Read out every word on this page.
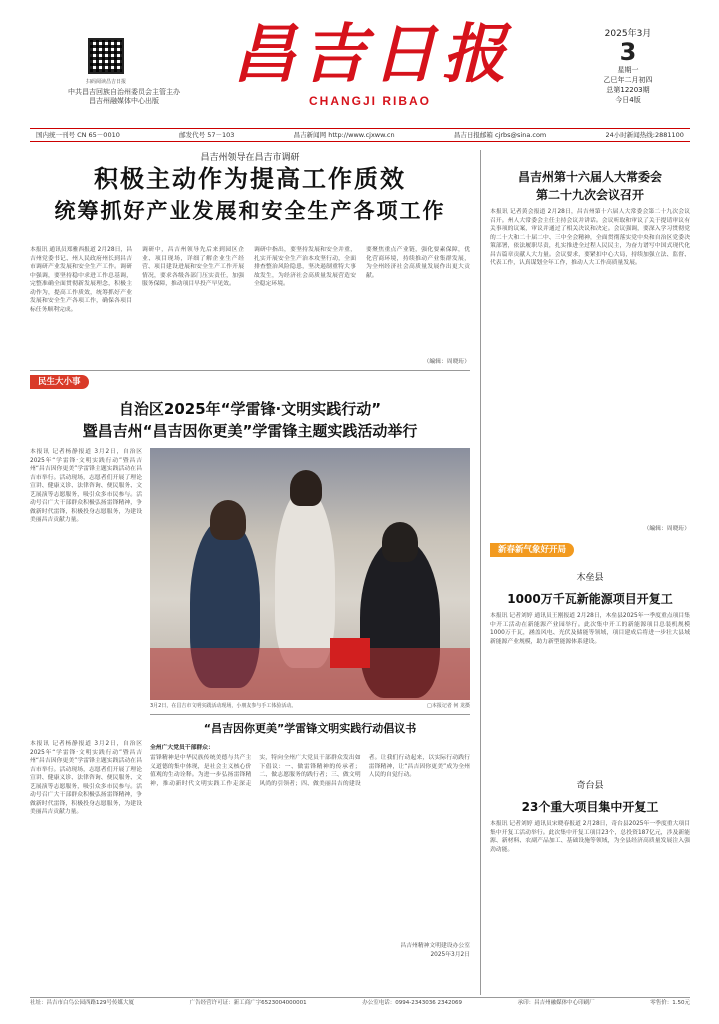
扫码阅读昌吉日报
中共昌吉回族自治州委员会主管主办
昌吉州融媒体中心出版
昌吉日报
CHANGJI RIBAO
2025年3月
3
星期一
乙巳年二月初四
总第12203期
今日4版
国内统一刊号 CN 65－0010	邮发代号 57－103	昌吉新闻网 http://www.cjxww.cn	昌吉日报邮箱 cjrbs@sina.com	24小时新闻热线:2881100
昌吉州领导在昌吉市调研
积极主动作为提高工作质效
统筹抓好产业发展和安全生产各项工作
本报讯 通讯员郑雅西报道 2月28日，昌吉州党委书记、州人民政府州长到昌吉市调研产业发展和安全生产工作。调研中强调，要坚持稳中求进工作总基调，完整准确全面贯彻新发展理念，积极主动作为，提高工作质效，统筹抓好产业发展和安全生产各项工作，确保各项目标任务顺利完成。
调研中，昌吉州领导先后来到园区企业、项目现场，详细了解企业生产经营、项目建设进展和安全生产工作开展情况，要求各级各部门压实责任，加强服务保障，推动项目早投产早见效。
调研中指出，要坚持发展和安全并重，扎实开展安全生产治本攻坚行动，全面排查整治风险隐患，坚决遏制重特大事故发生，为经济社会高质量发展营造安全稳定环境。
要聚焦重点产业链，强化要素保障，优化营商环境，持续推动产业集群发展，为全州经济社会高质量发展作出更大贡献。
（編辑：周晓珩）
昌吉州第十六届人大常委会
第二十九次会议召开
本报讯 记者黄会报道 2月28日，昌吉州第十六届人大常委会第二十九次会议召开。州人大常委会主任主持会议并讲话。会议听取和审议了关于提请审议有关事项的议案，审议并通过了相关决议和决定。会议强调，要深入学习贯彻党的二十大和二十届二中、三中全会精神，全面贯彻落实党中央和自治区党委决策部署，依法履职尽责，扎实推进全过程人民民主，为奋力谱写中国式现代化昌吉篇章贡献人大力量。会议要求，要紧扣中心大局，持续加强立法、监督、代表工作，认真谋划全年工作，推动人大工作高质量发展。
（編辑：周晓珩）
民生大小事
自治区2025年“学雷锋·文明实践行动”
暨昌吉州“昌吉因你更美”学雷锋主题实践活动举行
本报讯 记者杨静报道 3月2日，自治区2025年“学雷锋·文明实践行动”暨昌吉州“昌吉因你更美”学雷锋主题实践活动在昌吉市举行。活动现场，志愿者们开展了理论宣讲、健康义诊、法律咨询、便民服务、文艺展演等志愿服务，吸引众多市民参与。活动号召广大干部群众积极弘扬雷锋精神，争做新时代雷锋，积极投身志愿服务，为建设美丽昌吉贡献力量。
3月2日，在昌吉市文明实践活动现场，小朋友参与手工体验活动。	□本报记者 何 龙摄
“昌吉因你更美”学雷锋文明实践行动倡议书
全州广大党员干部群众：
雷锋精神是中华民族传统美德与共产主义道德的集中体现，是社会主义核心价值观的生动诠释。为进一步弘扬雷锋精神，推动新时代文明实践工作走深走实，特向全州广大党员干部群众发出如下倡议：一、做雷锋精神的传承者；二、做志愿服务的践行者；三、做文明风尚的引领者；四、做美丽昌吉的建设者。让我们行动起来，以实际行动践行雷锋精神，让“昌吉因你更美”成为全州人民的自觉行动。
昌吉州精神文明建设办公室
2025年3月2日
本报讯 记者杨静报道 3月2日，自治区2025年“学雷锋·文明实践行动”暨昌吉州“昌吉因你更美”学雷锋主题实践活动在昌吉市举行。活动现场，志愿者们开展了理论宣讲、健康义诊、法律咨询、便民服务、文艺展演等志愿服务，吸引众多市民参与。活动号召广大干部群众积极弘扬雷锋精神，争做新时代雷锋，积极投身志愿服务，为建设美丽昌吉贡献力量。
新春新气象好开局
木垒县
1000万千瓦新能源项目开复工
本报讯 记者刘婷 通讯员王刚报道 2月28日，木垒县2025年一季度重点项目集中开工活动在新能源产业园举行。此次集中开工的新能源项目总装机规模1000万千瓦，涵盖风电、光伏及储能等领域，项目建成后将进一步壮大县域新能源产业规模，助力新型能源体系建设。
奇台县
23个重大项目集中开复工
本报讯 记者刘婷 通讯员宋晓春报道 2月28日，奇台县2025年一季度重大项目集中开复工活动举行。此次集中开复工项目23个，总投资187亿元，涉及新能源、新材料、农副产品加工、基础设施等领域，为全县经济高质量发展注入强劲动能。
社址：昌吉市白鸟公园西路129号传媒大厦	广告经营许可证：新工商广字6523004000001	办公室电话：0994-2343036 2342069	承印：昌吉州融媒体中心印刷厂	零售价：1.50元
